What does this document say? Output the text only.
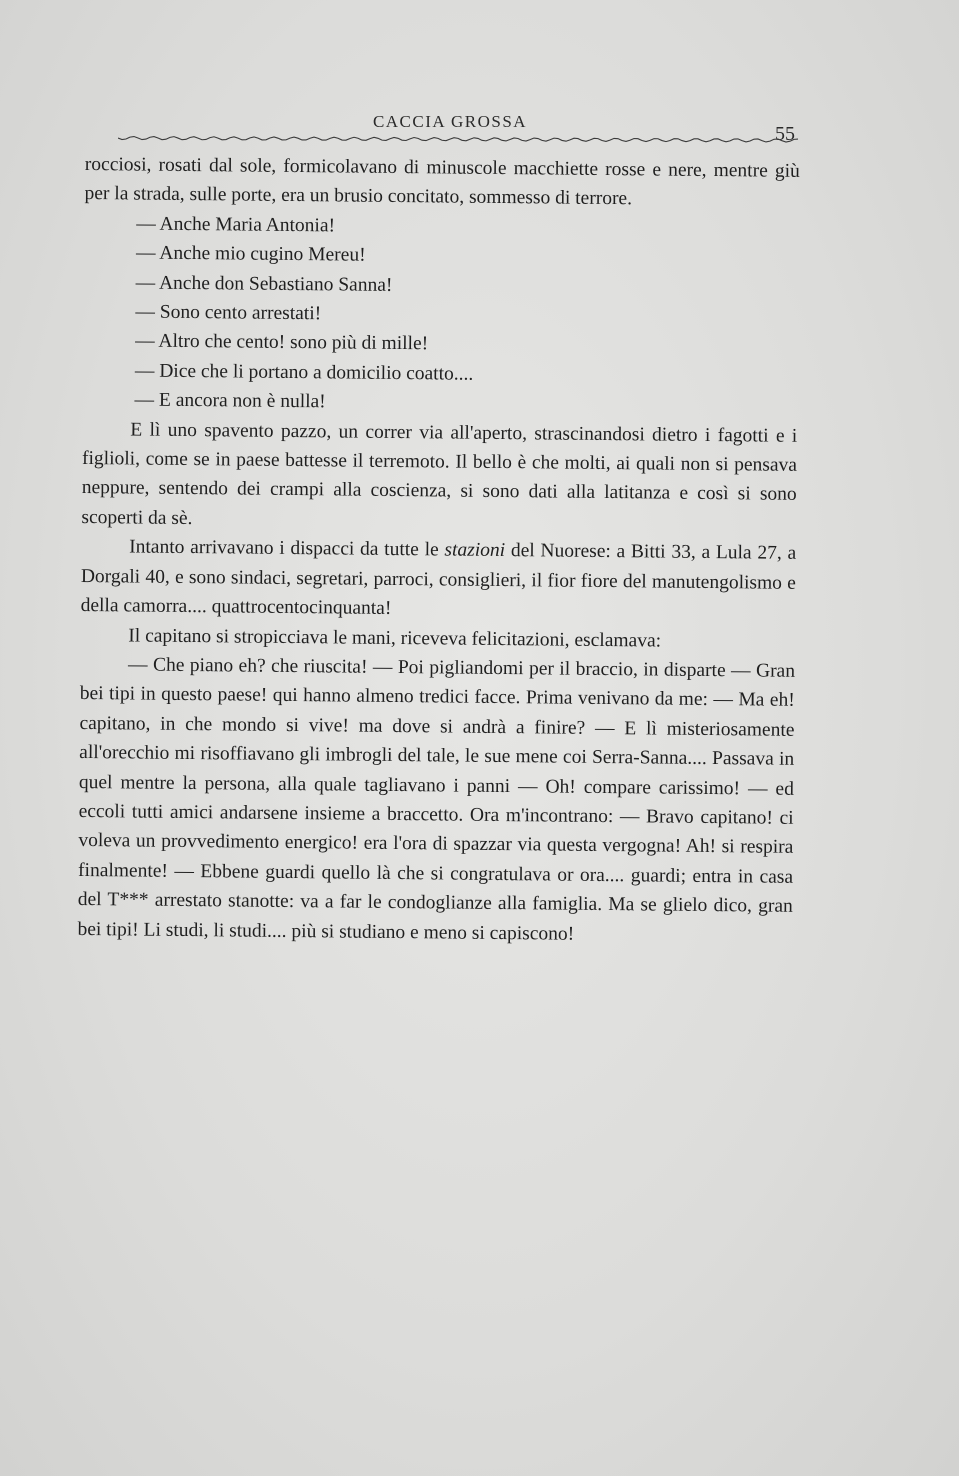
CACCIA GROSSA
55

rocciosi, rosati dal sole, formicolavano di minuscole macchiette rosse e nere, mentre giù per la strada, sulle porte, era un brusio concitato, sommesso di terrore.

— Anche Maria Antonia!

— Anche mio cugino Mereu!

— Anche don Sebastiano Sanna!

— Sono cento arrestati!

— Altro che cento! sono più di mille!

— Dice che li portano a domicilio coatto....

— E ancora non è nulla!

E lì uno spavento pazzo, un correr via all'aperto, strascinandosi dietro i fagotti e i figlioli, come se in paese battesse il terremoto. Il bello è che molti, ai quali non si pensava neppure, sentendo dei crampi alla coscienza, si sono dati alla latitanza e così si sono scoperti da sè.

Intanto arrivavano i dispacci da tutte le stazioni del Nuorese: a Bitti 33, a Lula 27, a Dorgali 40, e sono sindaci, segretari, parroci, consiglieri, il fior fiore del manutengolismo e della camorra.... quattrocentocinquanta!

Il capitano si stropicciava le mani, riceveva felicitazioni, esclamava:

— Che piano eh? che riuscita! — Poi pigliandomi per il braccio, in disparte — Gran bei tipi in questo paese! qui hanno almeno tredici facce. Prima venivano da me: — Ma eh! capitano, in che mondo si vive! ma dove si andrà a finire? — E lì misteriosamente all'orecchio mi risoffiavano gli imbrogli del tale, le sue mene coi Serra-Sanna.... Passava in quel mentre la persona, alla quale tagliavano i panni — Oh! compare carissimo! — ed eccoli tutti amici andarsene insieme a braccetto. Ora m'incontrano: — Bravo capitano! ci voleva un provvedimento energico! era l'ora di spazzar via questa vergogna! Ah! si respira finalmente! — Ebbene guardi quello là che si congratulava or ora.... guardi; entra in casa del T*** arrestato stanotte: va a far le condoglianze alla famiglia. Ma se glielo dico, gran bei tipi! Li studi, li studi.... più si studiano e meno si capiscono!
